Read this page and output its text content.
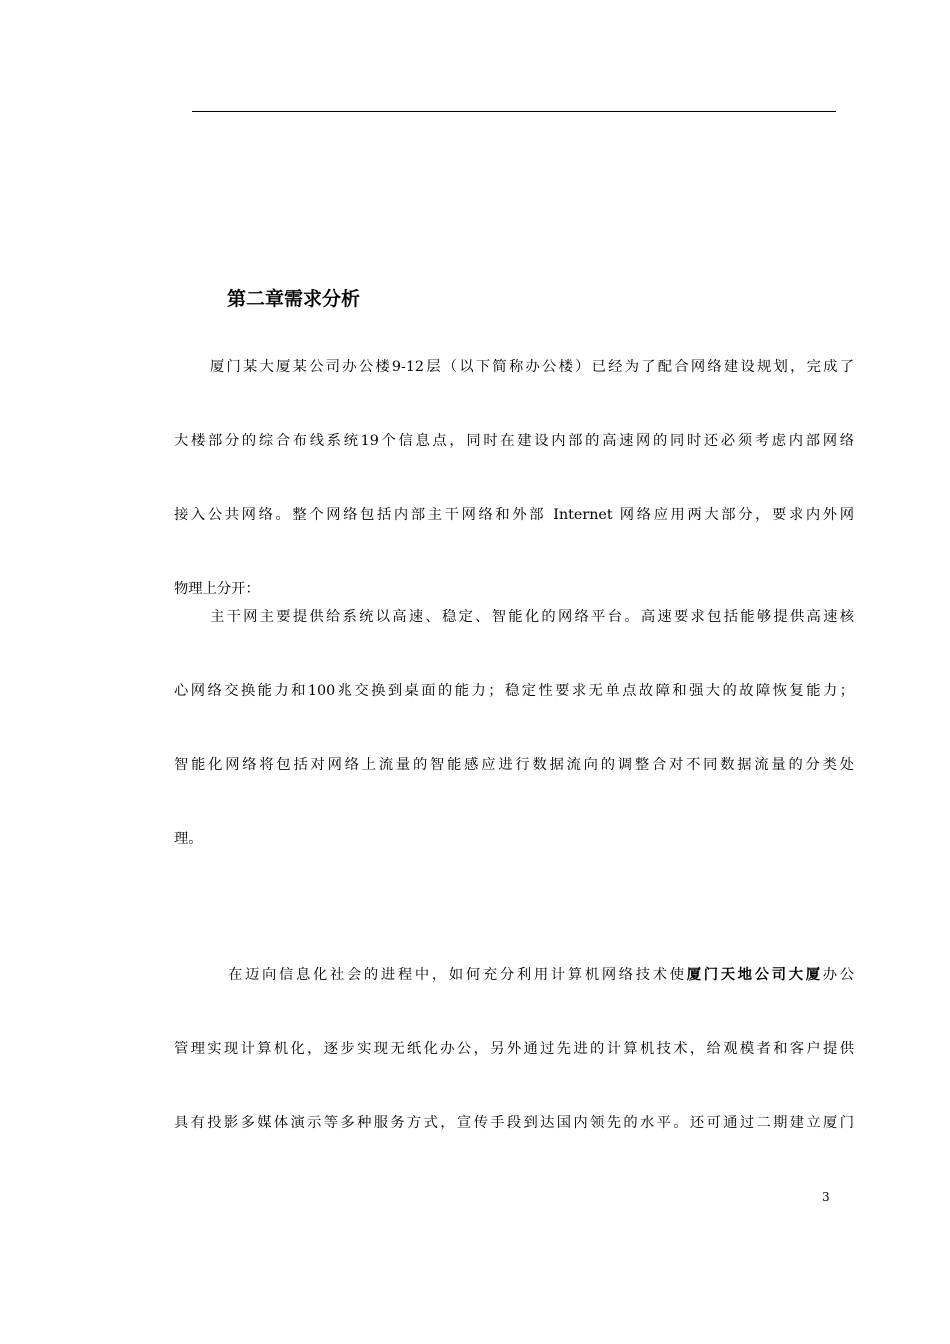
第二章需求分析

厦门某大厦某公司办公楼9-12层（以下简称办公楼）已经为了配合网络建设规划，完成了大楼部分的综合布线系统19个信息点，同时在建设内部的高速网的同时还必须考虑内部网络接入公共网络。整个网络包括内部主干网络和外部 Internet 网络应用两大部分，要求内外网物理上分开：

主干网主要提供给系统以高速、稳定、智能化的网络平台。高速要求包括能够提供高速核心网络交换能力和100兆交换到桌面的能力；稳定性要求无单点故障和强大的故障恢复能力；智能化网络将包括对网络上流量的智能感应进行数据流向的调整合对不同数据流量的分类处理。

在迈向信息化社会的进程中，如何充分利用计算机网络技术使厦门天地公司大厦办公管理实现计算机化，逐步实现无纸化办公，另外通过先进的计算机技术，给观模者和客户提供具有投影多媒体演示等多种服务方式，宣传手段到达国内领先的水平。还可通过二期建立厦门

3
